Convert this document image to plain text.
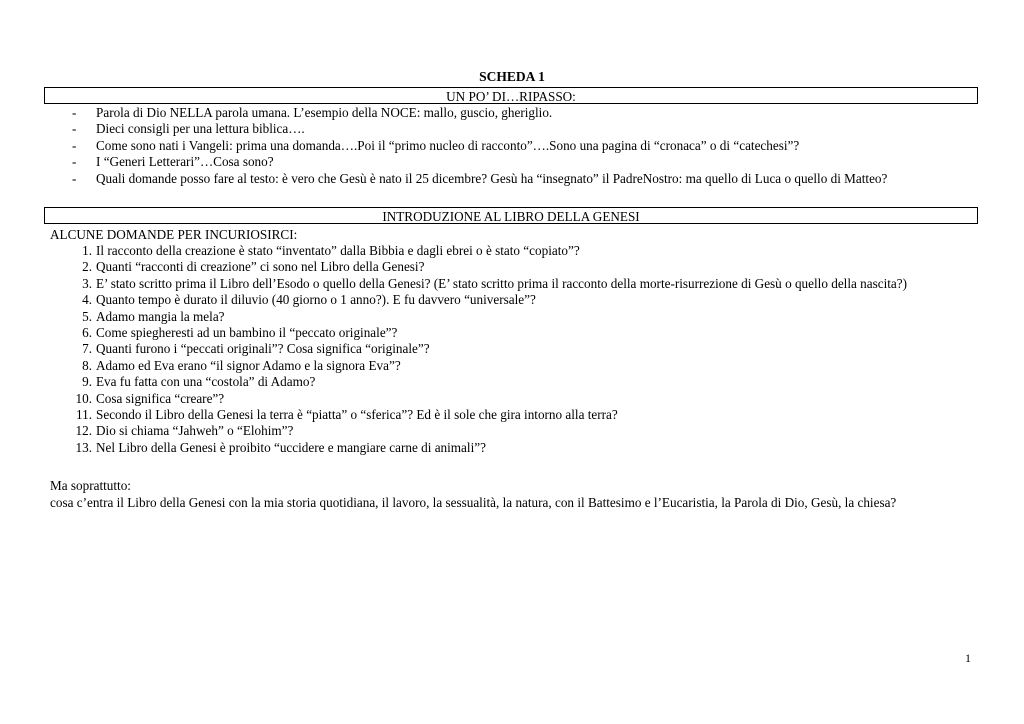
SCHEDA 1
UN PO’ DI…RIPASSO:
- Parola di Dio NELLA parola umana. L’esempio della NOCE: mallo, guscio, gheriglio.
- Dieci consigli per una lettura biblica….
- Come sono nati i Vangeli: prima una domanda….Poi il “primo nucleo di racconto”….Sono una pagina di “cronaca” o di “catechesi”?
- I “Generi Letterari”…Cosa sono?
- Quali domande posso fare al testo: è vero che Gesù è nato il 25 dicembre? Gesù ha “insegnato” il PadreNostro: ma quello di Luca o quello di Matteo?
INTRODUZIONE AL LIBRO DELLA GENESI
ALCUNE DOMANDE PER INCURIOSIRCI:
1. Il racconto della creazione è stato “inventato” dalla Bibbia e dagli ebrei o è stato “copiato”?
2. Quanti “racconti di creazione” ci sono nel Libro della Genesi?
3. E’ stato scritto prima il Libro dell’Esodo o quello della Genesi? (E’ stato scritto prima il racconto della morte-risurrezione di Gesù o quello della nascita?)
4. Quanto tempo è durato il diluvio (40 giorno o 1 anno?). E fu davvero “universale”?
5. Adamo mangia la mela?
6. Come spiegheresti ad un bambino il “peccato originale”?
7. Quanti furono i “peccati originali”? Cosa significa “originale”?
8. Adamo ed Eva erano “il signor Adamo e la signora Eva”?
9. Eva fu fatta con una “costola” di Adamo?
10. Cosa significa “creare”?
11. Secondo il Libro della Genesi la terra è “piatta” o “sferica”? Ed è il sole che gira intorno alla terra?
12. Dio si chiama “Jahweh” o “Elohim”?
13. Nel Libro della Genesi è proibito “uccidere e mangiare carne di animali”?
Ma soprattutto:
cosa c’entra il Libro della Genesi con la mia storia quotidiana, il lavoro, la sessualità, la natura, con il Battesimo e l’Eucaristia, la Parola di Dio, Gesù, la chiesa?
1
